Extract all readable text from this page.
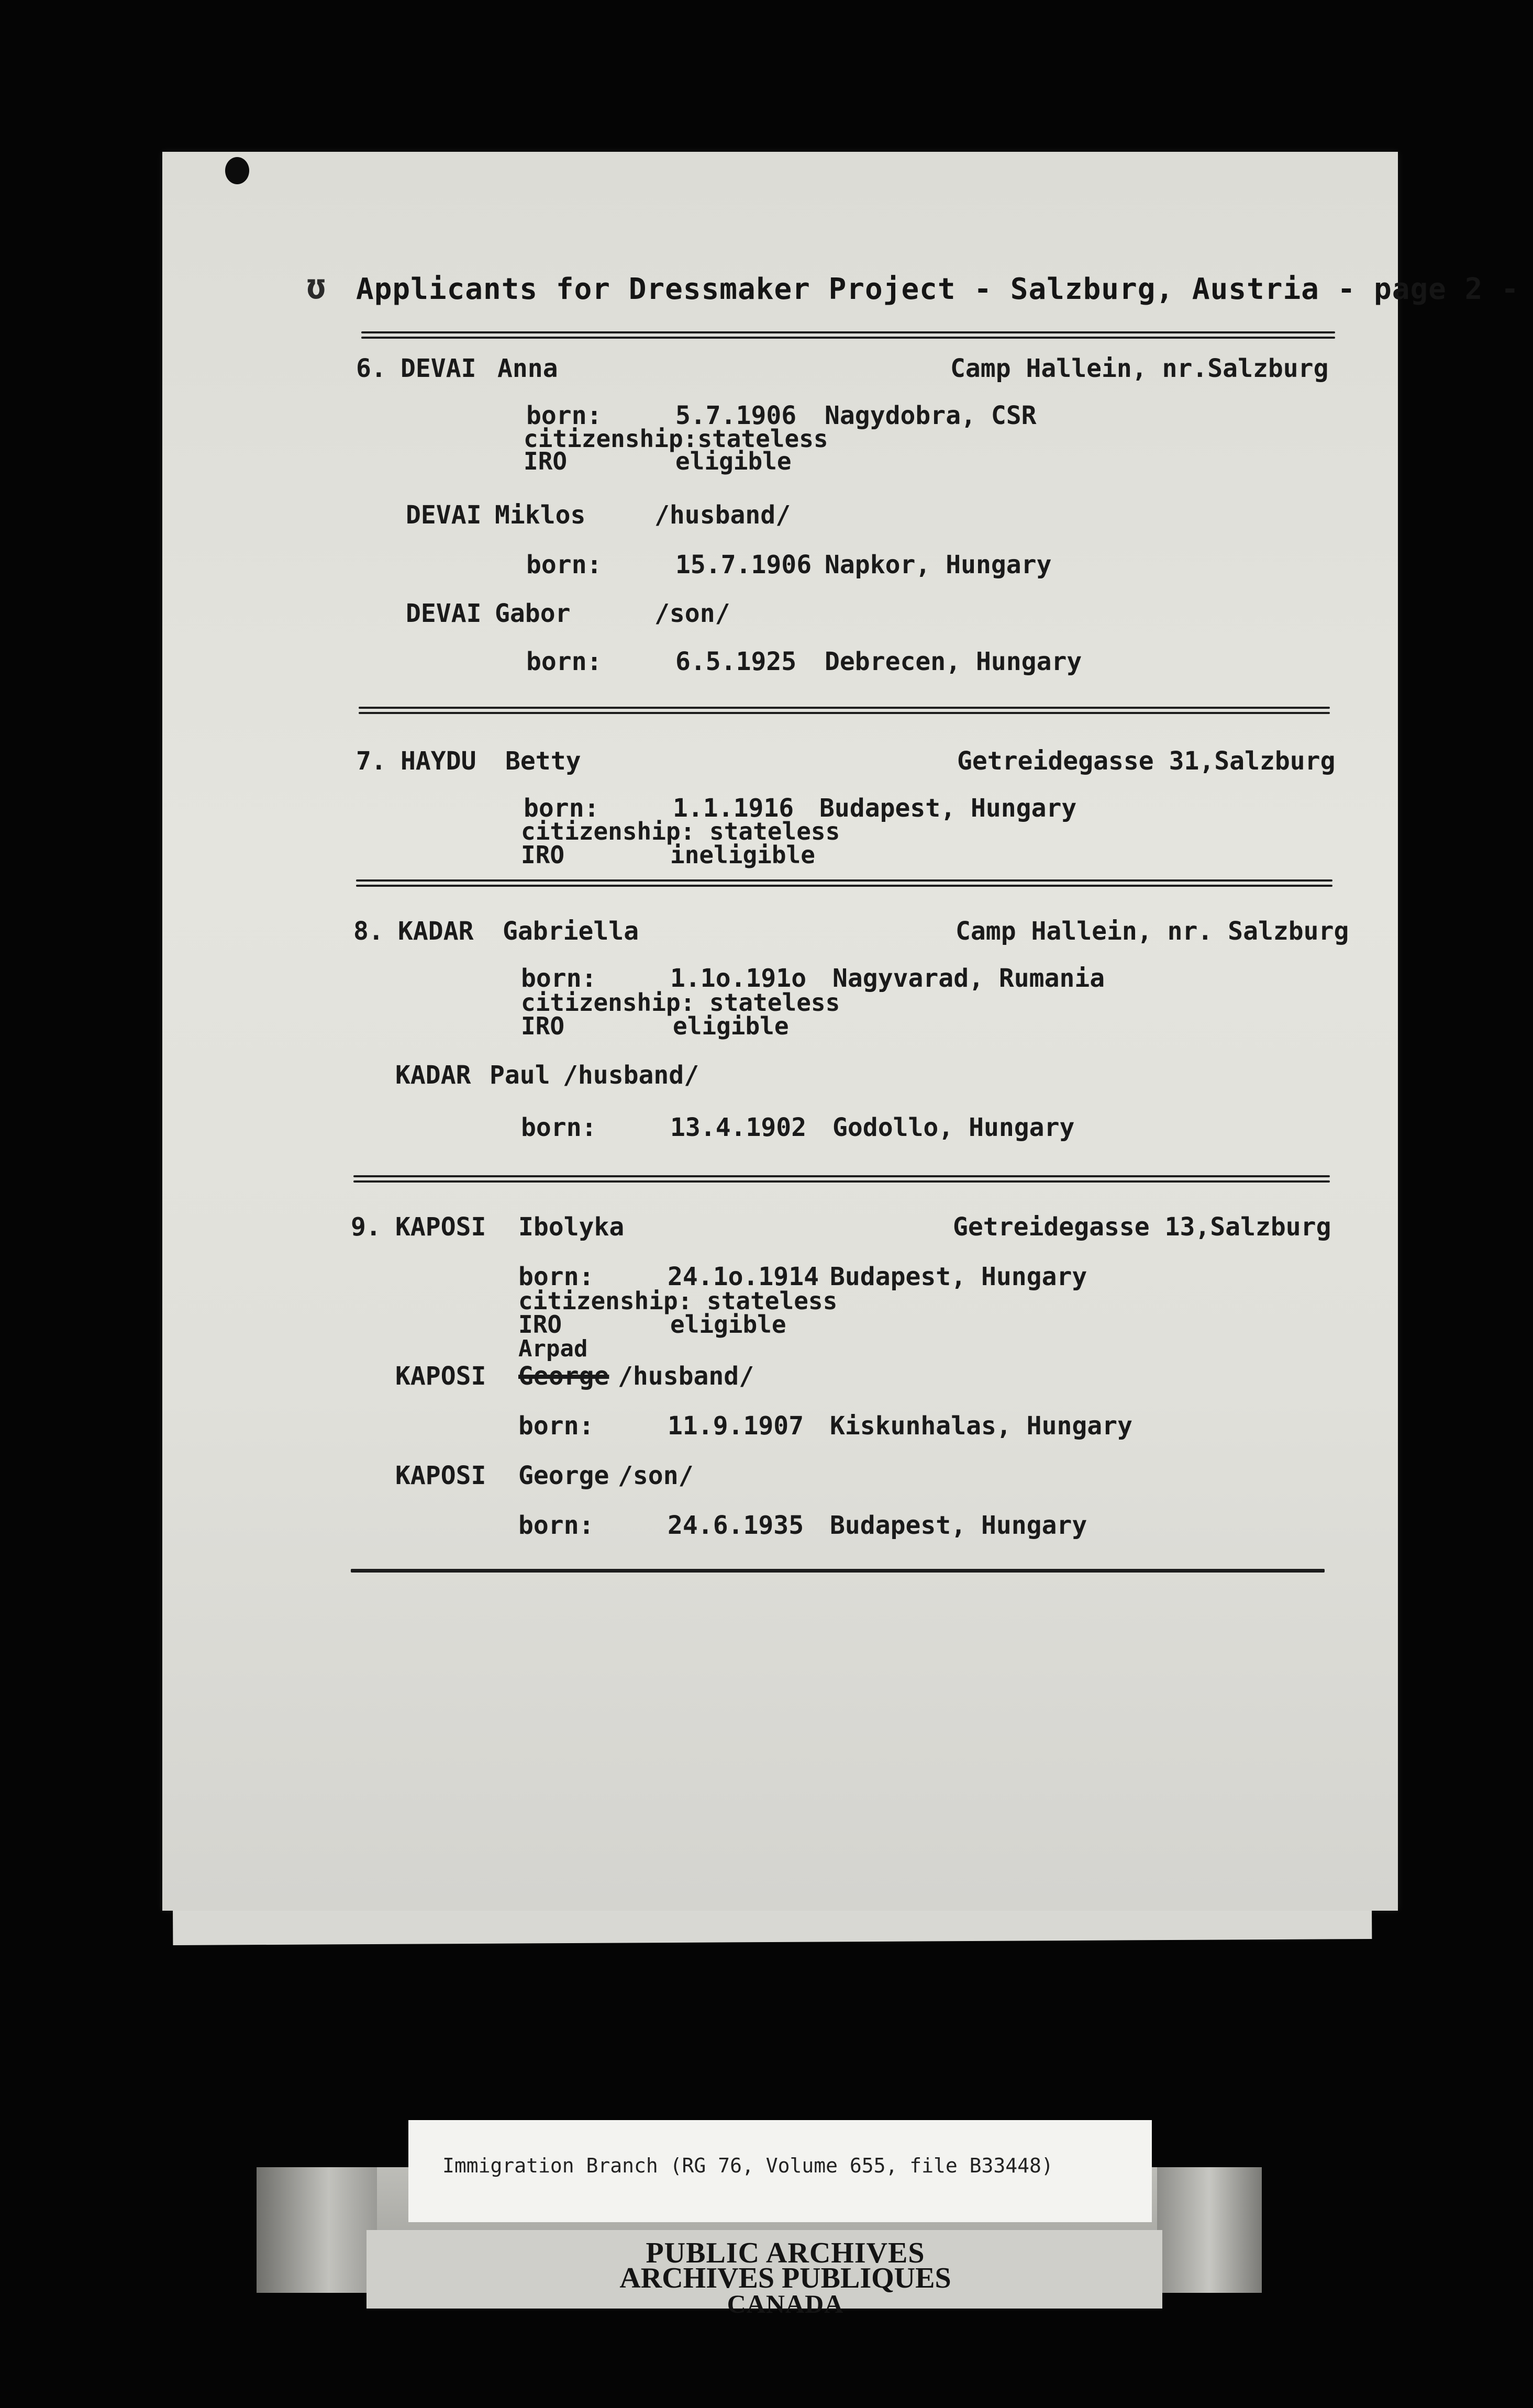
ʊ Applicants for Dressmaker Project - Salzburg, Austria - page 2 -
6. DEVAI Anna	Camp Hallein, nr.Salzburg
born:	5.7.1906 Nagydobra, CSR
citizenship:stateless
IRO	eligible
DEVAI Miklos	/husband/
born:	15.7.1906 Napkor, Hungary
DEVAI Gabor	/son/
born:	6.5.1925 Debrecen, Hungary
7. HAYDU Betty	Getreidegasse 31,Salzburg
born:	1.1.1916 Budapest, Hungary
citizenship: stateless
IRO	ineligible
8. KADAR Gabriella	Camp Hallein, nr. Salzburg
born:	1.1o.191o Nagyvarad, Rumania
citizenship: stateless
IRO	eligible
KADAR Paul /husband/
born:	13.4.1902 Godollo, Hungary
9. KAPOSI Ibolyka	Getreidegasse 13,Salzburg
born:	24.1o.1914 Budapest, Hungary
citizenship: stateless
IRO	eligible
Arpad
KAPOSI George /husband/
born:	11.9.1907 Kiskunhalas, Hungary
KAPOSI George /son/
born:	24.6.1935 Budapest, Hungary
Immigration Branch (RG 76, Volume 655, file B33448)
PUBLIC ARCHIVES
ARCHIVES PUBLIQUES
CANADA
